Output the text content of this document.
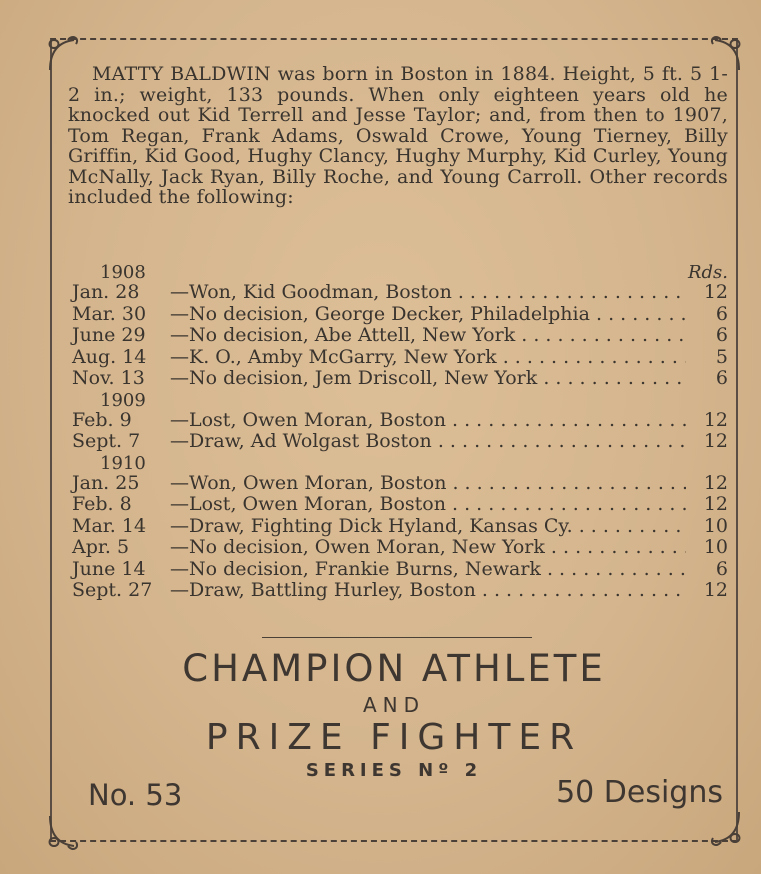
MATTY BALDWIN was born in Boston in 1884. Height, 5 ft. 5 1-2 in.; weight, 133 pounds. When only eighteen years old he knocked out Kid Terrell and Jesse Taylor; and, from then to 1907, Tom Regan, Frank Adams, Oswald Crowe, Young Tierney, Billy Griffin, Kid Good, Hughy Clancy, Hughy Murphy, Kid Curley, Young McNally, Jack Ryan, Billy Roche, and Young Carroll. Other records included the following:

1908	Rds.
Jan. 28 —Won, Kid Goodman, Boston . . .	12
Mar. 30 —No decision, George Decker, Philadelphia . . .	6
June 29 —No decision, Abe Attell, New York . . .	6
Aug. 14 —K. O., Amby McGarry, New York . . .	5
Nov. 13 —No decision, Jem Driscoll, New York . . .	6
1909
Feb. 9 —Lost, Owen Moran, Boston . . .	12
Sept. 7 —Draw, Ad Wolgast Boston . . .	12
1910
Jan. 25 —Won, Owen Moran, Boston . . .	12
Feb. 8 —Lost, Owen Moran, Boston . . .	12
Mar. 14 —Draw, Fighting Dick Hyland, Kansas Cy. . . .	10
Apr. 5 —No decision, Owen Moran, New York . . .	10
June 14 —No decision, Frankie Burns, Newark . . .	6
Sept. 27 —Draw, Battling Hurley, Boston . . .	12
CHAMPION ATHLETE
AND
PRIZE FIGHTER
SERIES Nº 2
No. 53	50 Designs
